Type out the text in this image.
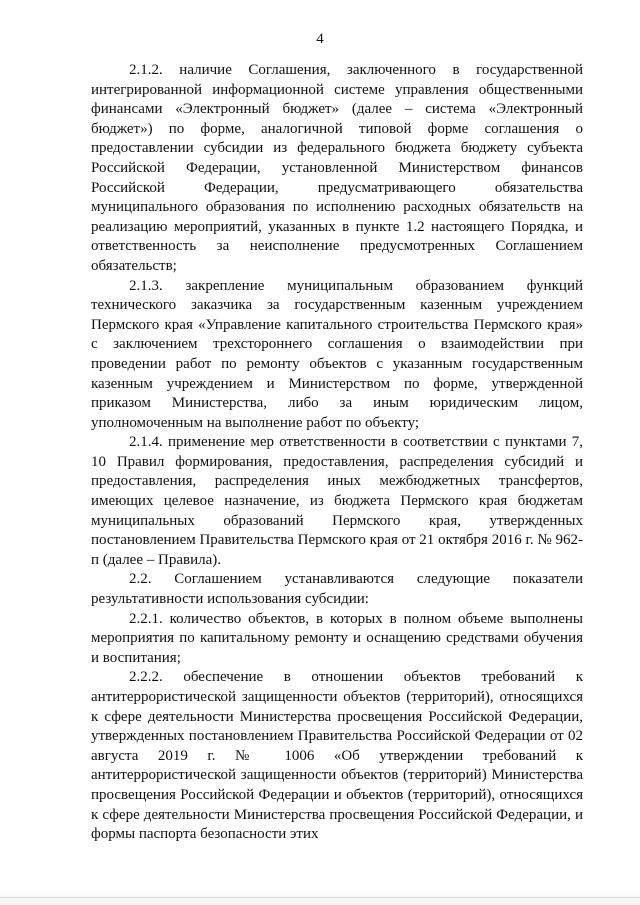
4

2.1.2. наличие Соглашения, заключенного в государственной интегрированной информационной системе управления общественными финансами «Электронный бюджет» (далее – система «Электронный бюджет») по форме, аналогичной типовой форме соглашения о предоставлении субсидии из федерального бюджета бюджету субъекта Российской Федерации, установленной Министерством финансов Российской Федерации, предусматривающего обязательства муниципального образования по исполнению расходных обязательств на реализацию мероприятий, указанных в пункте 1.2 настоящего Порядка, и ответственность за неисполнение предусмотренных Соглашением обязательств;

2.1.3. закрепление муниципальным образованием функций технического заказчика за государственным казенным учреждением Пермского края «Управление капитального строительства Пермского края» с заключением трехстороннего соглашения о взаимодействии при проведении работ по ремонту объектов с указанным государственным казенным учреждением и Министерством по форме, утвержденной приказом Министерства, либо за иным юридическим лицом, уполномоченным на выполнение работ по объекту;

2.1.4. применение мер ответственности в соответствии с пунктами 7, 10 Правил формирования, предоставления, распределения субсидий и предоставления, распределения иных межбюджетных трансфертов, имеющих целевое назначение, из бюджета Пермского края бюджетам муниципальных образований Пермского края, утвержденных постановлением Правительства Пермского края от 21 октября 2016 г. № 962-п (далее – Правила).

2.2. Соглашением устанавливаются следующие показатели результативности использования субсидии:

2.2.1. количество объектов, в которых в полном объеме выполнены мероприятия по капитальному ремонту и оснащению средствами обучения и воспитания;

2.2.2. обеспечение в отношении объектов требований к антитеррористической защищенности объектов (территорий), относящихся к сфере деятельности Министерства просвещения Российской Федерации, утвержденных постановлением Правительства Российской Федерации от 02 августа 2019 г. № 1006 «Об утверждении требований к антитеррористической защищенности объектов (территорий) Министерства просвещения Российской Федерации и объектов (территорий), относящихся к сфере деятельности Министерства просвещения Российской Федерации, и формы паспорта безопасности этих
